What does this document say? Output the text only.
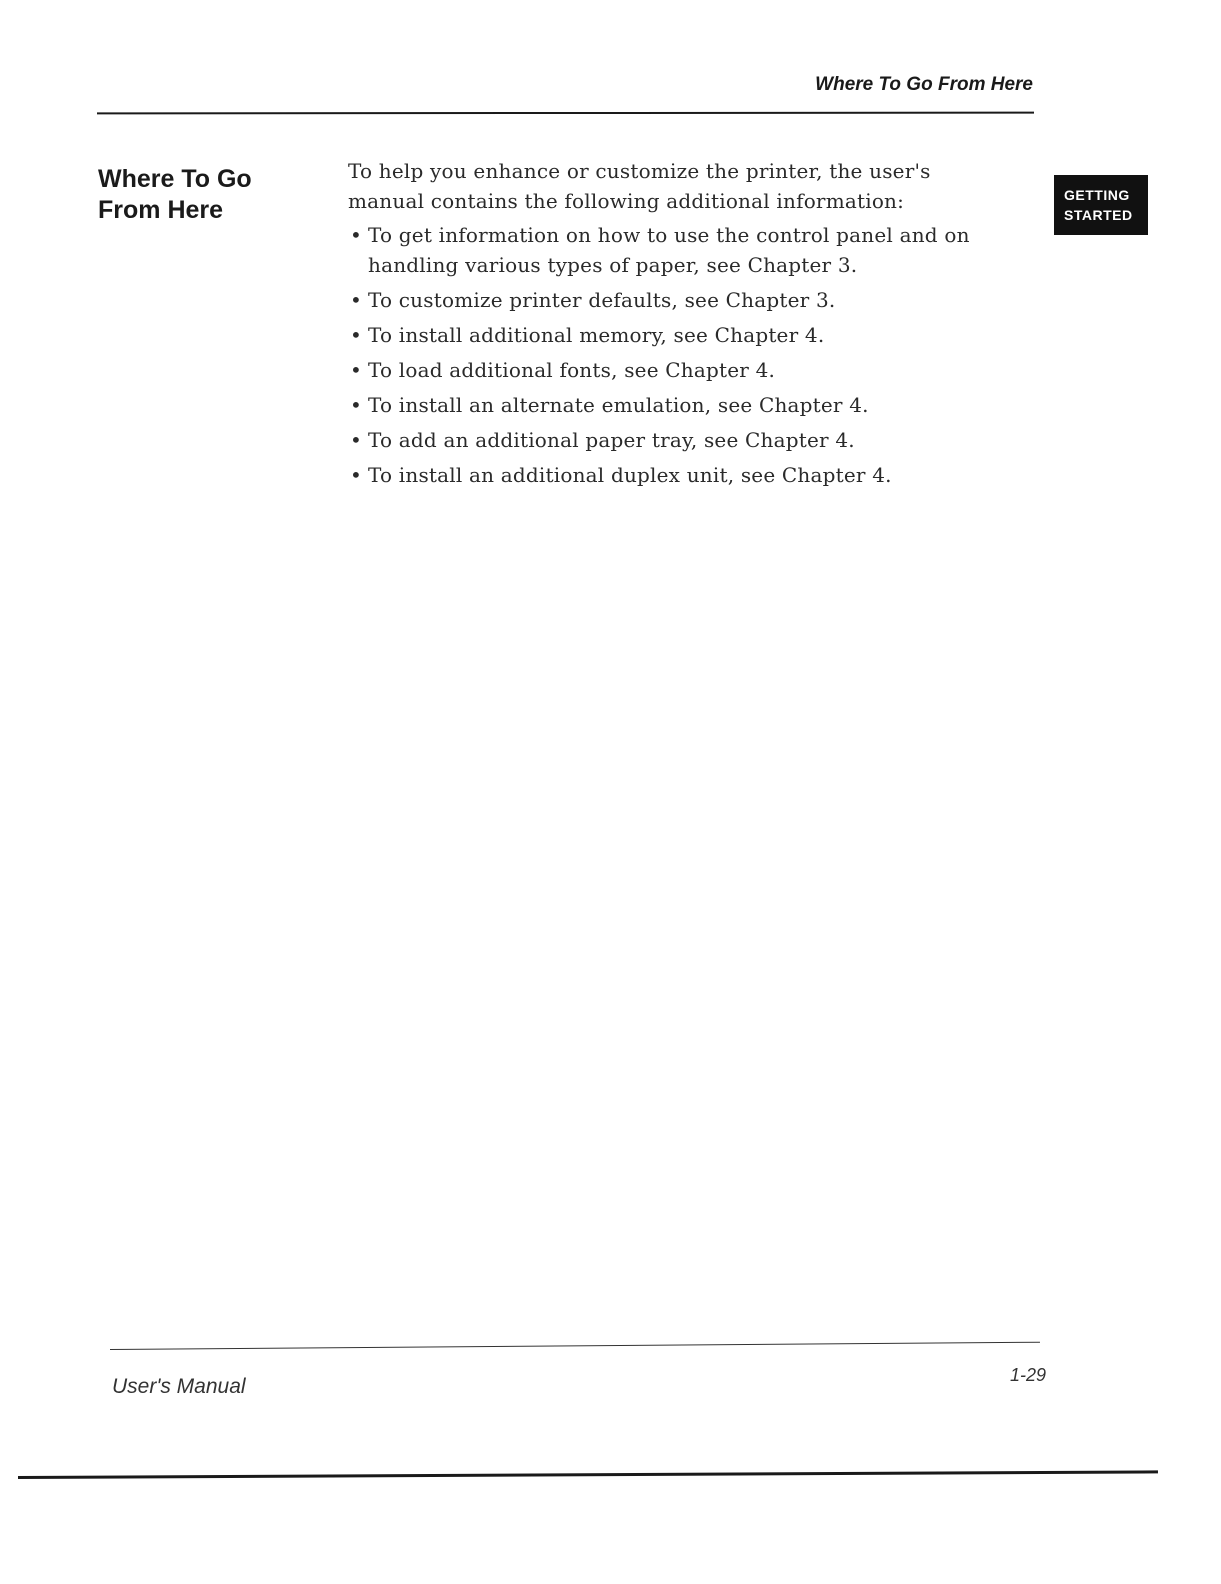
Where To Go From Here
Where To Go
From Here
GETTING
STARTED

To help you enhance or customize the printer, the user's manual contains the following additional information:

• To get information on how to use the control panel and on handling various types of paper, see Chapter 3.
• To customize printer defaults, see Chapter 3.
• To install additional memory, see Chapter 4.
• To load additional fonts, see Chapter 4.
• To install an alternate emulation, see Chapter 4.
• To add an additional paper tray, see Chapter 4.
• To install an additional duplex unit, see Chapter 4.
User's Manual	1-29
